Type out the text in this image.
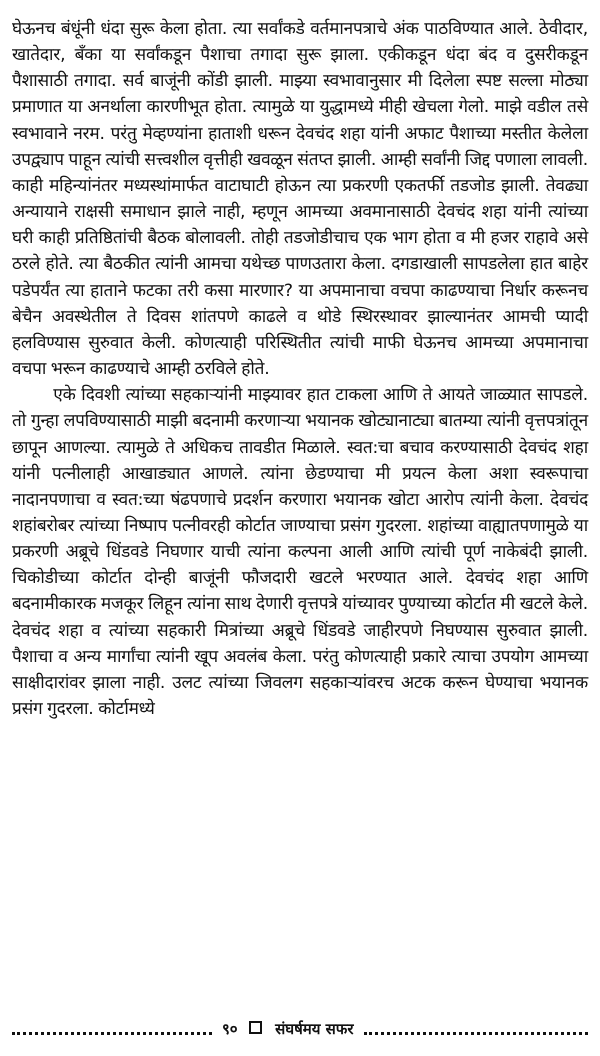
घेऊनच बंधूंनी धंदा सुरू केला होता. त्या सर्वांकडे वर्तमानपत्राचे अंक पाठविण्यात आले. ठेवीदार, खातेदार, बँका या सर्वांकडून पैशाचा तगादा सुरू झाला. एकीकडून धंदा बंद व दुसरीकडून पैशासाठी तगादा. सर्व बाजूंनी कोंडी झाली. माझ्या स्वभावानुसार मी दिलेला स्पष्ट सल्ला मोठ्या प्रमाणात या अनर्थाला कारणीभूत होता. त्यामुळे या युद्धामध्ये मीही खेचला गेलो. माझे वडील तसे स्वभावाने नरम. परंतु मेव्हण्यांना हाताशी धरून देवचंद शहा यांनी अफाट पैशाच्या मस्तीत केलेला उपद्व्याप पाहून त्यांची सत्त्वशील वृत्तीही खवळून संतप्त झाली. आम्ही सर्वांनी जिद्द पणाला लावली. काही महिन्यांनंतर मध्यस्थांमार्फत वाटाघाटी होऊन त्या प्रकरणी एकतर्फी तडजोड झाली. तेवढ्या अन्यायाने राक्षसी समाधान झाले नाही, म्हणून आमच्या अवमानासाठी देवचंद शहा यांनी त्यांच्या घरी काही प्रतिष्ठितांची बैठक बोलावली. तोही तडजोडीचाच एक भाग होता व मी हजर राहावे असे ठरले होते. त्या बैठकीत त्यांनी आमचा यथेच्छ पाणउतारा केला. दगडाखाली सापडलेला हात बाहेर पडेपर्यंत त्या हाताने फटका तरी कसा मारणार? या अपमानाचा वचपा काढण्याचा निर्धार करूनच बेचैन अवस्थेतील ते दिवस शांतपणे काढले व थोडे स्थिरस्थावर झाल्यानंतर आमची प्यादी हलविण्यास सुरुवात केली. कोणत्याही परिस्थितीत त्यांची माफी घेऊनच आमच्या अपमानाचा वचपा भरून काढण्याचे आम्ही ठरविले होते.

एके दिवशी त्यांच्या सहकाऱ्यांनी माझ्यावर हात टाकला आणि ते आयते जाळ्यात सापडले. तो गुन्हा लपविण्यासाठी माझी बदनामी करणाऱ्या भयानक खोट्यानाट्या बातम्या त्यांनी वृत्तपत्रांतून छापून आणल्या. त्यामुळे ते अधिकच तावडीत मिळाले. स्वत:चा बचाव करण्यासाठी देवचंद शहा यांनी पत्नीलाही आखाड्यात आणले. त्यांना छेडण्याचा मी प्रयत्न केला अशा स्वरूपाचा नादानपणाचा व स्वत:च्या षंढपणाचे प्रदर्शन करणारा भयानक खोटा आरोप त्यांनी केला. देवचंद शहांबरोबर त्यांच्या निष्पाप पत्नीवरही कोर्टात जाण्याचा प्रसंग गुदरला. शहांच्या वाह्यातपणामुळे या प्रकरणी अब्रूचे धिंडवडे निघणार याची त्यांना कल्पना आली आणि त्यांची पूर्ण नाकेबंदी झाली. चिकोडीच्या कोर्टात दोन्ही बाजूंनी फौजदारी खटले भरण्यात आले. देवचंद शहा आणि बदनामीकारक मजकूर लिहून त्यांना साथ देणारी वृत्तपत्रे यांच्यावर पुण्याच्या कोर्टात मी खटले केले. देवचंद शहा व त्यांच्या सहकारी मित्रांच्या अब्रूचे धिंडवडे जाहीरपणे निघण्यास सुरुवात झाली. पैशाचा व अन्य मार्गांचा त्यांनी खूप अवलंब केला. परंतु कोणत्याही प्रकारे त्याचा उपयोग आमच्या साक्षीदारांवर झाला नाही. उलट त्यांच्या जिवलग सहकाऱ्यांवरच अटक करून घेण्याचा भयानक प्रसंग गुदरला. कोर्टामध्ये

९० संघर्षमय सफर
